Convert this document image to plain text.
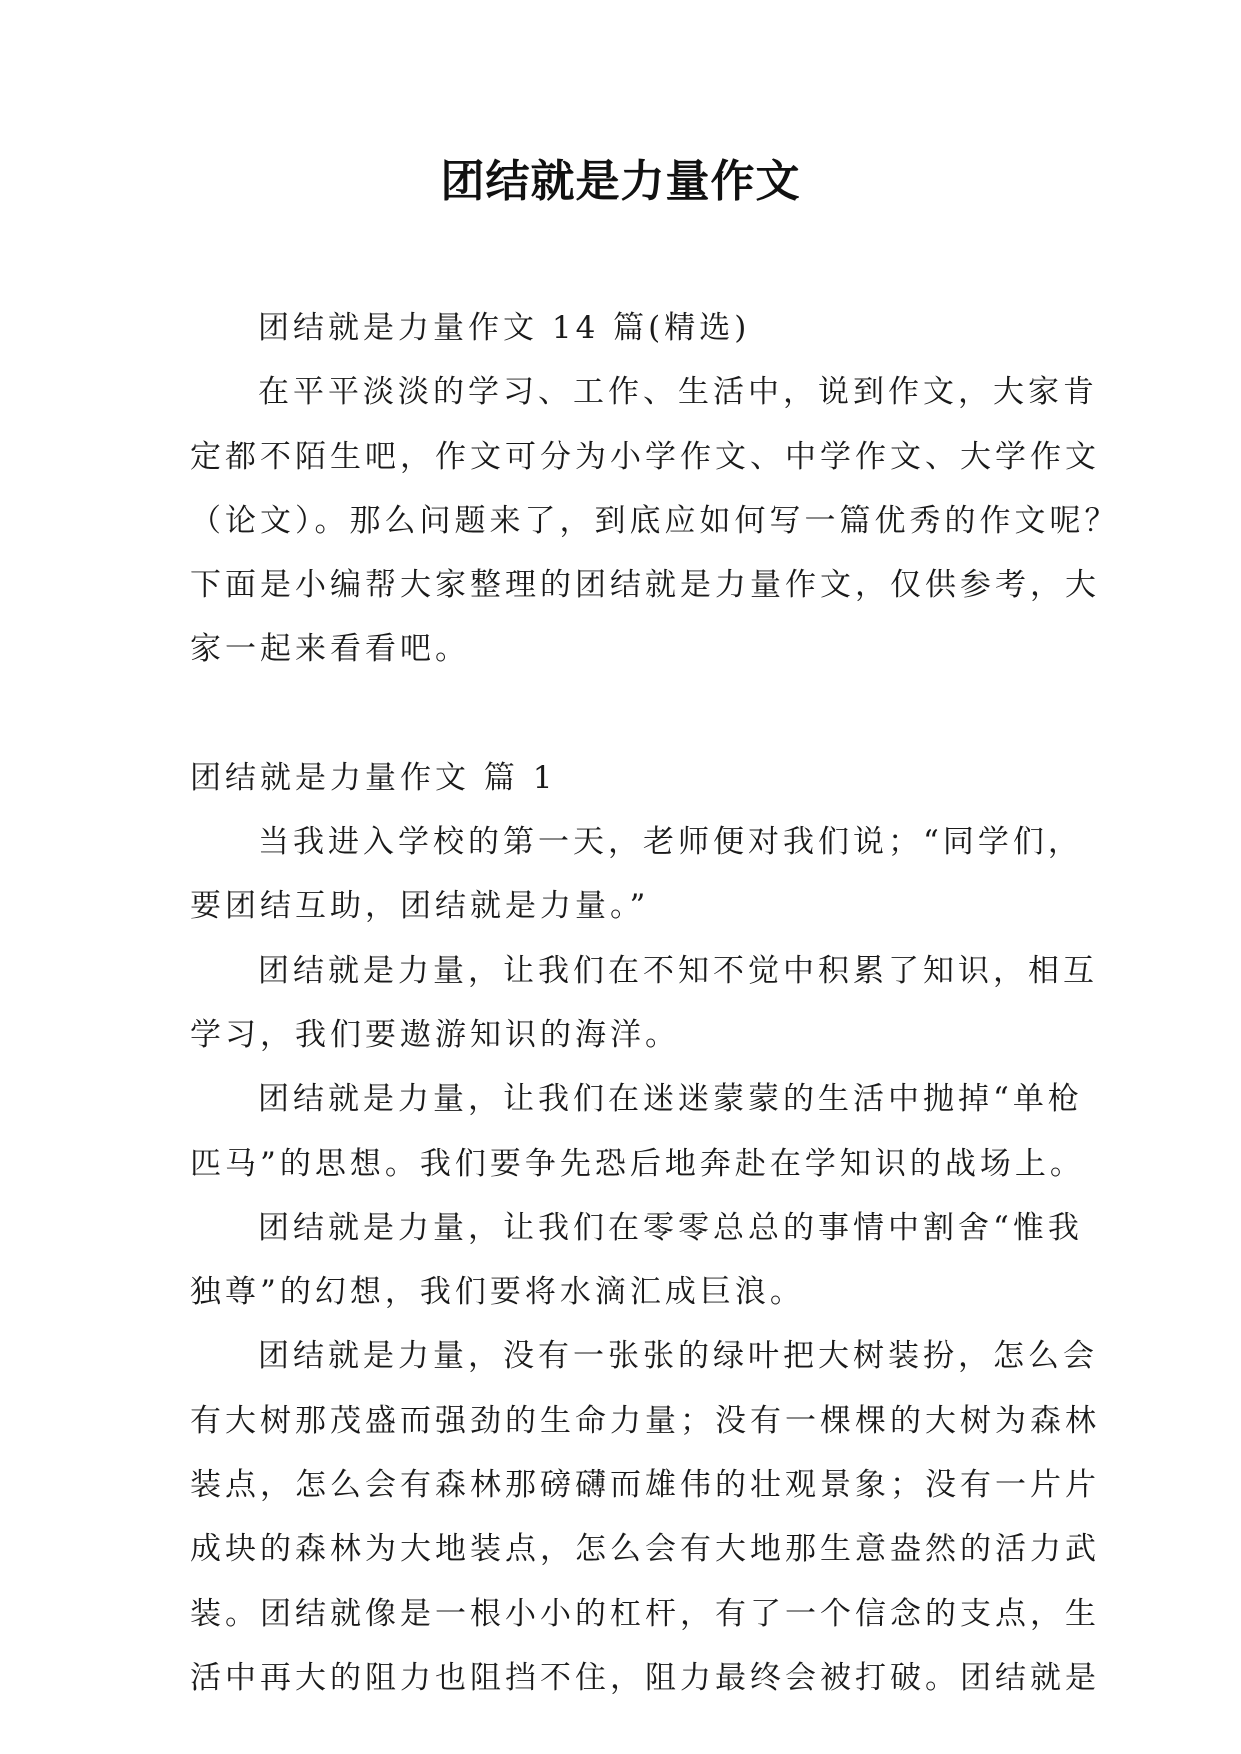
团结就是力量作文
团结就是力量作文 14 篇(精选)
在平平淡淡的学习、工作、生活中，说到作文，大家肯
定都不陌生吧，作文可分为小学作文、中学作文、大学作文
（论文）。那么问题来了，到底应如何写一篇优秀的作文呢？
下面是小编帮大家整理的团结就是力量作文，仅供参考，大
家一起来看看吧。
团结就是力量作文 篇 1
当我进入学校的第一天，老师便对我们说；“同学们，
要团结互助，团结就是力量。”
团结就是力量，让我们在不知不觉中积累了知识，相互
学习，我们要遨游知识的海洋。
团结就是力量，让我们在迷迷蒙蒙的生活中抛掉“单枪
匹马”的思想。我们要争先恐后地奔赴在学知识的战场上。
团结就是力量，让我们在零零总总的事情中割舍“惟我
独尊”的幻想，我们要将水滴汇成巨浪。
团结就是力量，没有一张张的绿叶把大树装扮，怎么会
有大树那茂盛而强劲的生命力量；没有一棵棵的大树为森林
装点，怎么会有森林那磅礴而雄伟的壮观景象；没有一片片
成块的森林为大地装点，怎么会有大地那生意盎然的活力武
装。团结就像是一根小小的杠杆，有了一个信念的支点，生
活中再大的阻力也阻挡不住，阻力最终会被打破。团结就是
